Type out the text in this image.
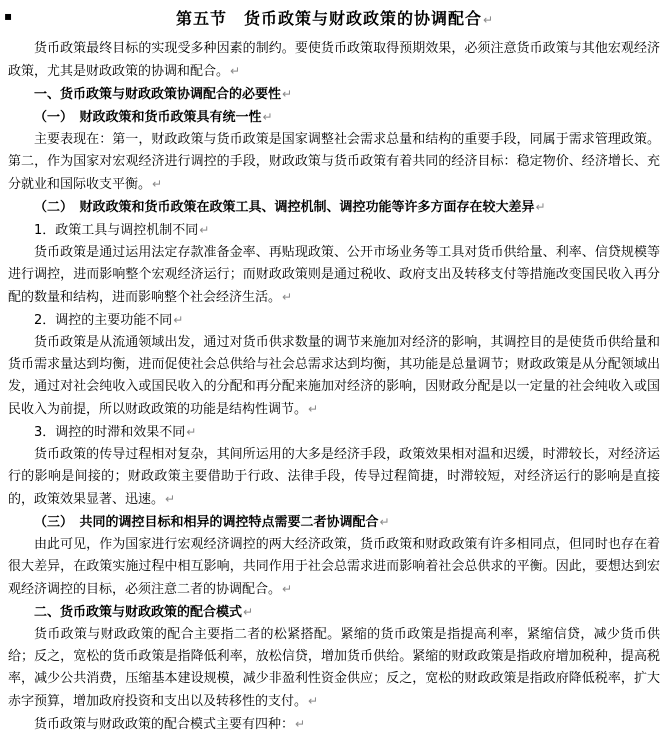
▪	第五节　货币政策与财政政策的协调配合↵
货币政策最终目标的实现受多种因素的制约。要使货币政策取得预期效果，必须注意货币政策与其他宏观经济政策，尤其是财政政策的协调和配合。↵
一、货币政策与财政政策协调配合的必要性↵
（一）　财政政策和货币政策具有统一性↵
主要表现在：第一，财政政策与货币政策是国家调整社会需求总量和结构的重要手段，同属于需求管理政策。第二，作为国家对宏观经济进行调控的手段，财政政策与货币政策有着共同的经济目标：稳定物价、经济增长、充分就业和国际收支平衡。↵
（二）　财政政策和货币政策在政策工具、调控机制、调控功能等许多方面存在较大差异↵
1．政策工具与调控机制不同↵
货币政策是通过运用法定存款准备金率、再贴现政策、公开市场业务等工具对货币供给量、利率、信贷规模等进行调控，进而影响整个宏观经济运行；而财政政策则是通过税收、政府支出及转移支付等措施改变国民收入再分配的数量和结构，进而影响整个社会经济生活。↵
2．调控的主要功能不同↵
货币政策是从流通领域出发，通过对货币供求数量的调节来施加对经济的影响，其调控目的是使货币供给量和货币需求量达到均衡，进而促使社会总供给与社会总需求达到均衡，其功能是总量调节；财政政策是从分配领域出发，通过对社会纯收入或国民收入的分配和再分配来施加对经济的影响，因财政分配是以一定量的社会纯收入或国民收入为前提，所以财政政策的功能是结构性调节。↵
3．调控的时滞和效果不同↵
货币政策的传导过程相对复杂，其间所运用的大多是经济手段，政策效果相对温和迟缓，时滞较长，对经济运行的影响是间接的；财政政策主要借助于行政、法律手段，传导过程简捷，时滞较短，对经济运行的影响是直接的，政策效果显著、迅速。↵
（三）　共同的调控目标和相异的调控特点需要二者协调配合↵
由此可见，作为国家进行宏观经济调控的两大经济政策，货币政策和财政政策有许多相同点，但同时也存在着很大差异，在政策实施过程中相互影响，共同作用于社会总需求进而影响着社会总供求的平衡。因此，要想达到宏观经济调控的目标，必须注意二者的协调配合。↵
二、货币政策与财政政策的配合模式↵
货币政策与财政政策的配合主要指二者的松紧搭配。紧缩的货币政策是指提高利率，紧缩信贷，减少货币供给；反之，宽松的货币政策是指降低利率，放松信贷，增加货币供给。紧缩的财政政策是指政府增加税种，提高税率，减少公共消费，压缩基本建设规模，减少非盈利性资金供应；反之，宽松的财政政策是指政府降低税率，扩大赤字预算，增加政府投资和支出以及转移性的支付。↵
货币政策与财政政策的配合模式主要有四种：↵
